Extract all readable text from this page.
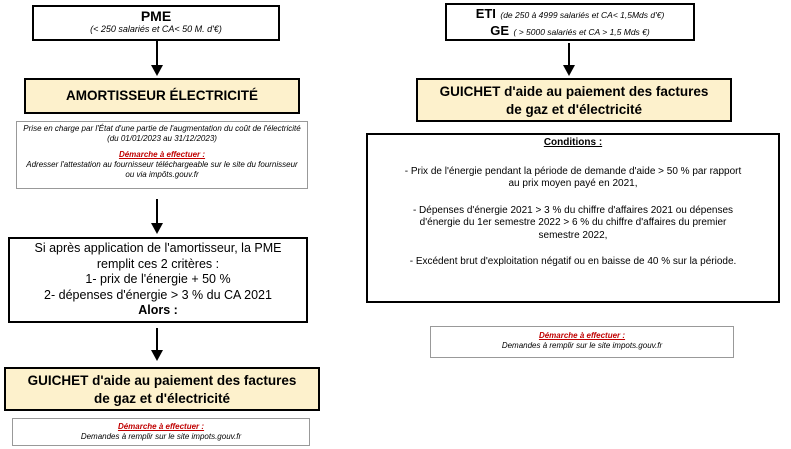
PME
(< 250 salariés et CA< 50 M. d'€)
AMORTISSEUR ÉLECTRICITÉ
Prise en charge par l'État d'une partie de l'augmentation du coût de l'électricité (du 01/01/2023 au 31/12/2023)
Démarche à effectuer :
Adresser l'attestation au fournisseur téléchargeable sur le site du fournisseur ou via impôts.gouv.fr
Si après application de l'amortisseur, la PME
remplit ces 2 critères :
1- prix de l'énergie + 50 %
2- dépenses d'énergie > 3 % du CA 2021
Alors :
GUICHET d'aide au paiement des factures
de gaz et d'électricité
Démarche à effectuer :
Demandes à remplir sur le site impots.gouv.fr
ETI (de 250 à 4999 salariés et CA< 1,5Mds d'€)
GE ( > 5000 salariés et CA > 1,5 Mds €)
GUICHET d'aide au paiement des factures
de gaz et d'électricité
Conditions :
- Prix de l'énergie pendant la période de demande d'aide > 50 % par rapport
au prix moyen payé en 2021,
- Dépenses d'énergie 2021 > 3 % du chiffre d'affaires 2021 ou dépenses
d'énergie du 1er semestre 2022 > 6 % du chiffre d'affaires du premier
semestre 2022,
- Excédent brut d'exploitation négatif ou en baisse de 40 % sur la période.
Démarche à effectuer :
Demandes à remplir sur le site impots.gouv.fr
